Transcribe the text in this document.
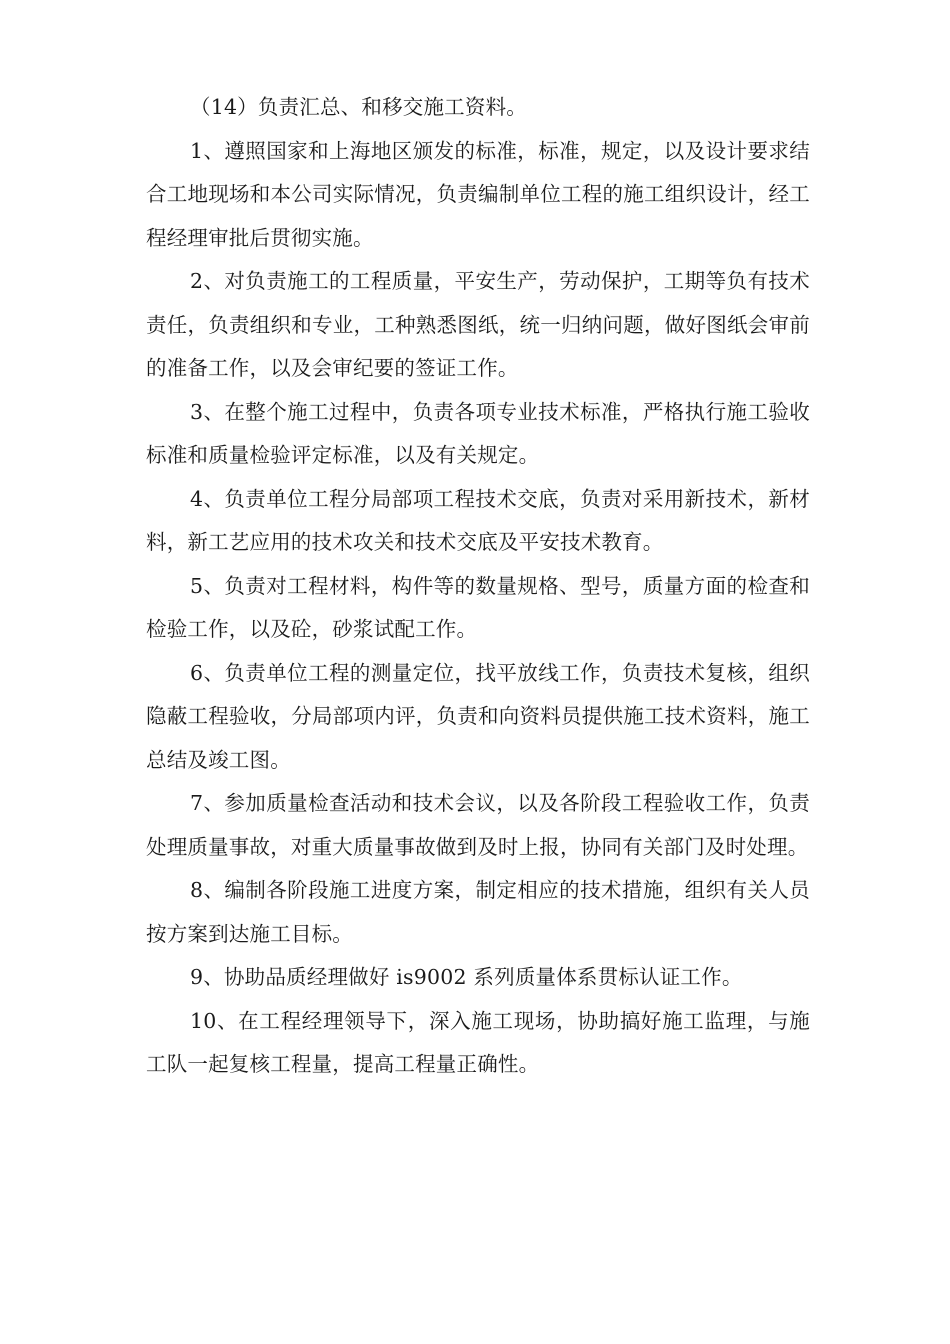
（14）负责汇总、和移交施工资料。

1、遵照国家和上海地区颁发的标准，标准，规定，以及设计要求结合工地现场和本公司实际情况，负责编制单位工程的施工组织设计，经工程经理审批后贯彻实施。

2、对负责施工的工程质量，平安生产，劳动保护，工期等负有技术责任，负责组织和专业，工种熟悉图纸，统一归纳问题，做好图纸会审前的准备工作，以及会审纪要的签证工作。

3、在整个施工过程中，负责各项专业技术标准，严格执行施工验收标准和质量检验评定标准，以及有关规定。

4、负责单位工程分局部项工程技术交底，负责对采用新技术，新材料，新工艺应用的技术攻关和技术交底及平安技术教育。

5、负责对工程材料，构件等的数量规格、型号，质量方面的检查和检验工作，以及砼，砂浆试配工作。

6、负责单位工程的测量定位，找平放线工作，负责技术复核，组织隐蔽工程验收，分局部项内评，负责和向资料员提供施工技术资料，施工总结及竣工图。

7、参加质量检查活动和技术会议，以及各阶段工程验收工作，负责处理质量事故，对重大质量事故做到及时上报，协同有关部门及时处理。

8、编制各阶段施工进度方案，制定相应的技术措施，组织有关人员按方案到达施工目标。

9、协助品质经理做好 is9002 系列质量体系贯标认证工作。

10、在工程经理领导下，深入施工现场，协助搞好施工监理，与施工队一起复核工程量，提高工程量正确性。
